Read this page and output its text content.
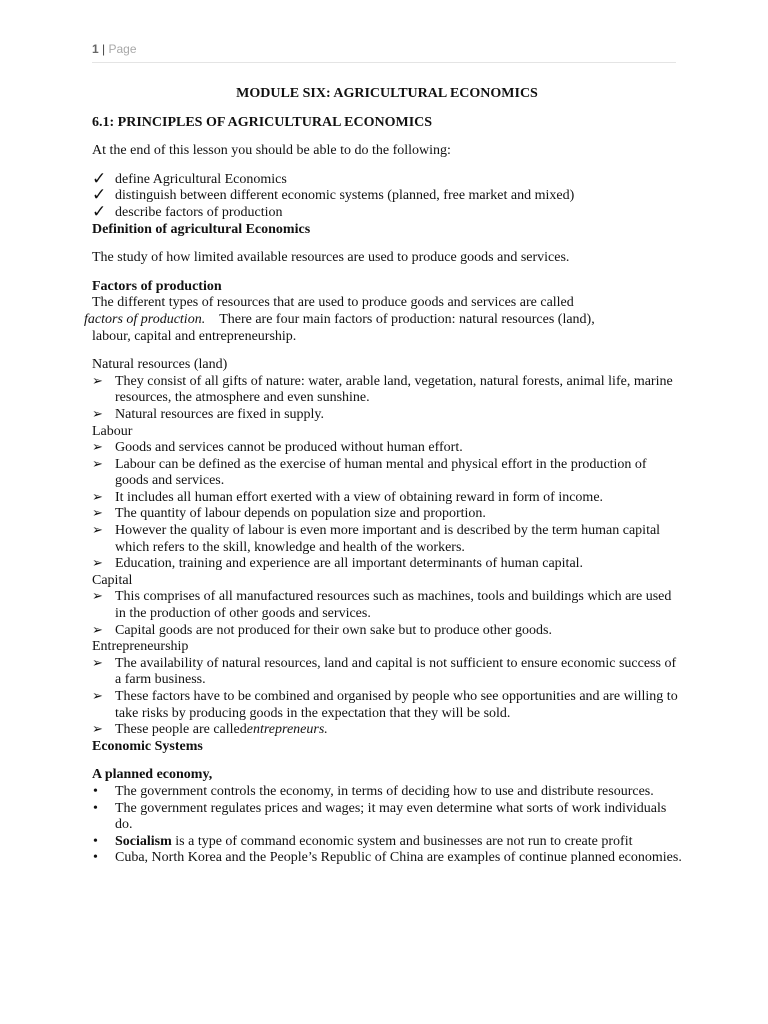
1 | Page

MODULE SIX: AGRICULTURAL ECONOMICS

6.1: PRINCIPLES OF AGRICULTURAL ECONOMICS

At the end of this lesson you should be able to do the following:

✓ define Agricultural Economics

✓ distinguish between different economic systems (planned, free market and mixed)

✓ describe factors of production

Definition of agricultural Economics

The study of how limited available resources are used to produce goods and services.

Factors of production

The different types of resources that are used to produce goods and services are called
factors of production. There are four main factors of production: natural resources (land),
labour, capital and entrepreneurship.

Natural resources (land)

➢ They consist of all gifts of nature: water, arable land, vegetation, natural forests, animal life, marine resources, the atmosphere and even sunshine.

➢ Natural resources are fixed in supply.

Labour

➢ Goods and services cannot be produced without human effort.

➢ Labour can be defined as the exercise of human mental and physical effort in the production of goods and services.

➢ It includes all human effort exerted with a view of obtaining reward in form of income.

➢ The quantity of labour depends on population size and proportion.

➢ However the quality of labour is even more important and is described by the term human capital which refers to the skill, knowledge and health of the workers.

➢ Education, training and experience are all important determinants of human capital.

Capital

➢ This comprises of all manufactured resources such as machines, tools and buildings which are used in the production of other goods and services.

➢ Capital goods are not produced for their own sake but to produce other goods.

Entrepreneurship

➢ The availability of natural resources, land and capital is not sufficient to ensure economic success of a farm business.

➢ These factors have to be combined and organised by people who see opportunities and are willing to take risks by producing goods in the expectation that they will be sold.

➢ These people are calledentrepreneurs.

Economic Systems

A planned economy,

•	The government controls the economy, in terms of deciding how to use and distribute resources.

•	The government regulates prices and wages; it may even determine what sorts of work individuals do.

•	Socialism is a type of command economic system and businesses are not run to create profit

•	Cuba, North Korea and the People’s Republic of China are examples of continue planned economies.
